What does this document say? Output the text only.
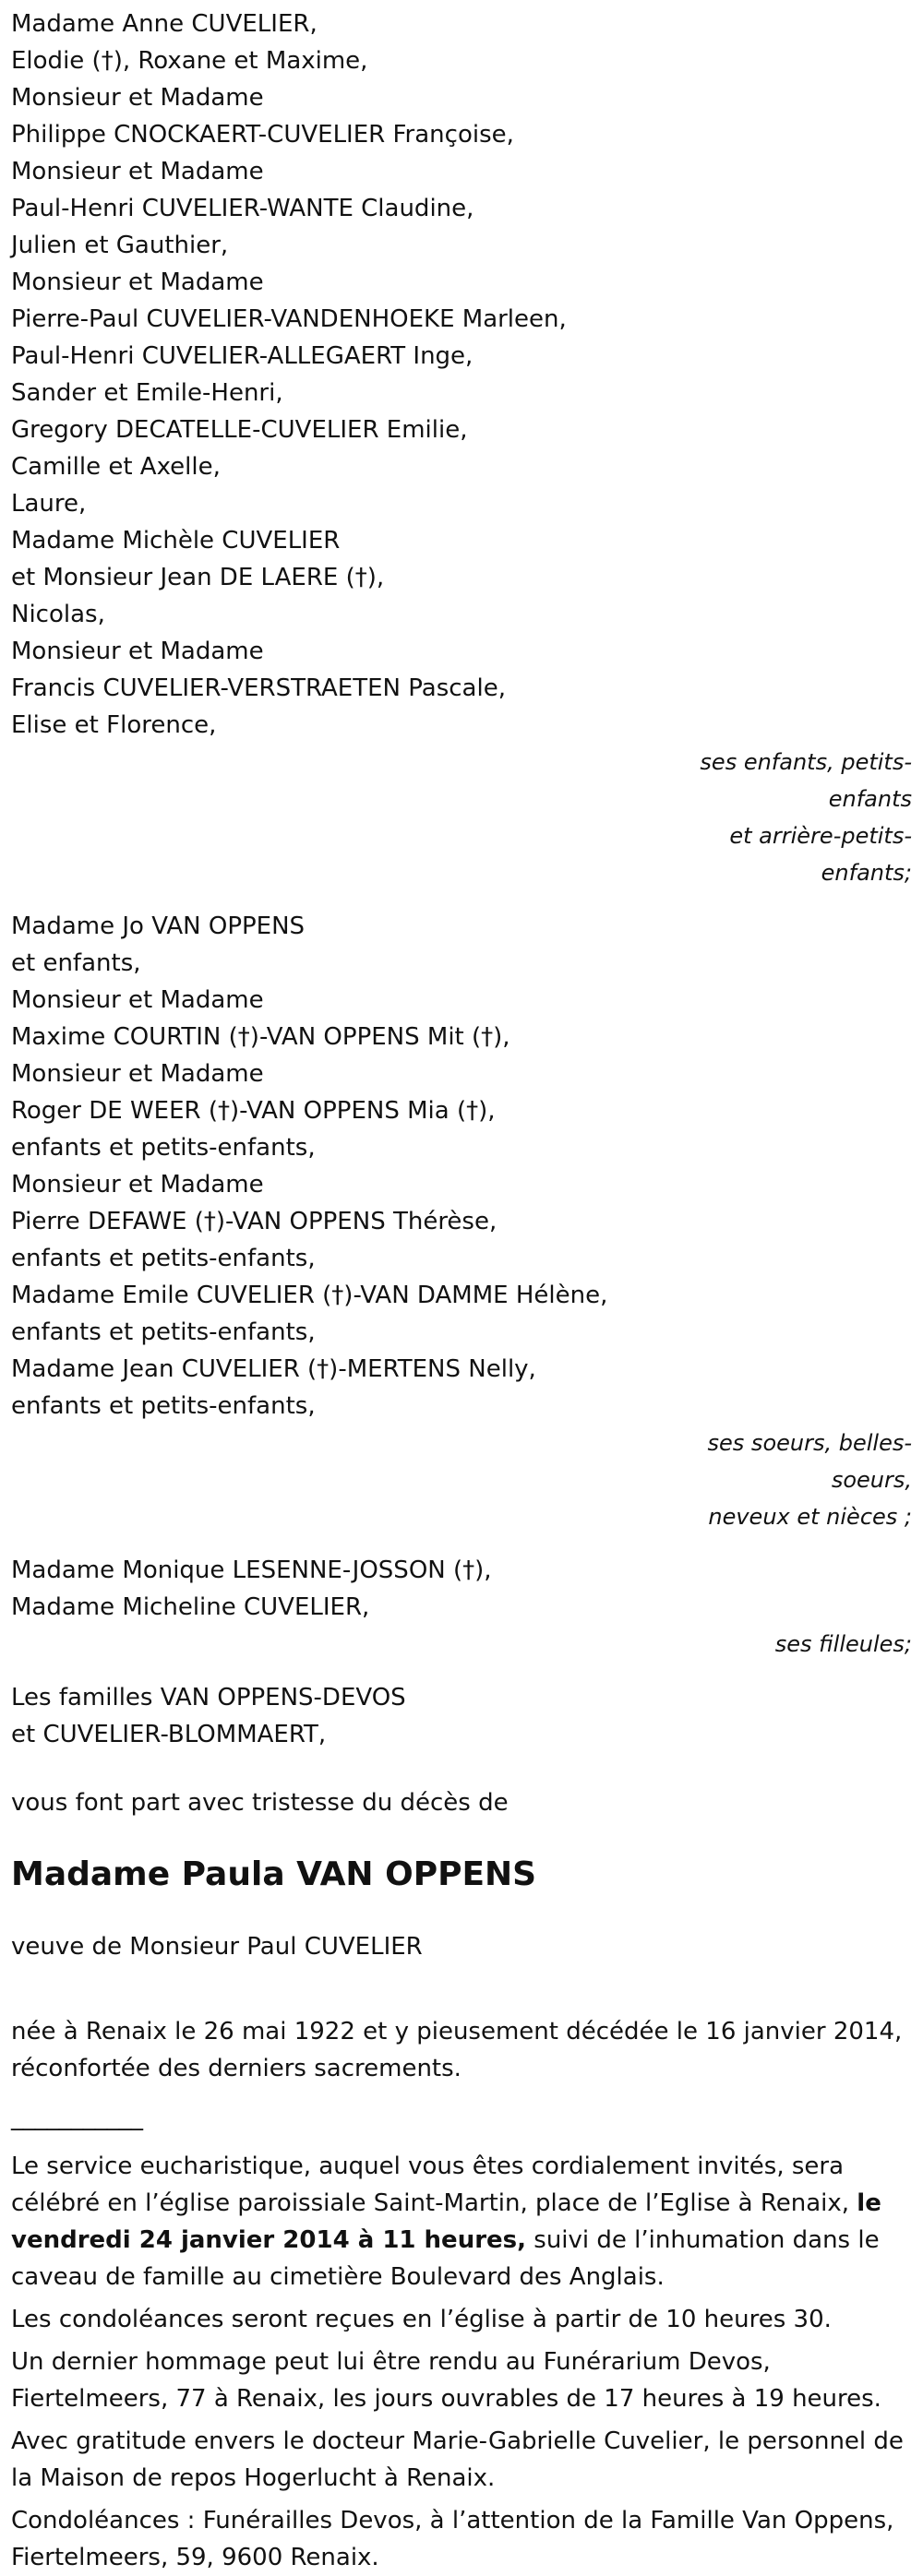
Madame Anne CUVELIER,
Elodie (†), Roxane et Maxime,
Monsieur et Madame
Philippe CNOCKAERT-CUVELIER Françoise,
Monsieur et Madame
Paul-Henri CUVELIER-WANTE Claudine,
Julien et Gauthier,
Monsieur et Madame
Pierre-Paul CUVELIER-VANDENHOEKE Marleen,
Paul-Henri CUVELIER-ALLEGAERT Inge,
Sander et Emile-Henri,
Gregory DECATELLE-CUVELIER Emilie,
Camille et Axelle,
Laure,
Madame Michèle CUVELIER
et Monsieur Jean DE LAERE (†),
Nicolas,
Monsieur et Madame
Francis CUVELIER-VERSTRAETEN Pascale,
Elise et Florence,
ses enfants, petits-
enfants
et arrière-petits-
enfants;
Madame Jo VAN OPPENS
et enfants,
Monsieur et Madame
Maxime COURTIN (†)-VAN OPPENS Mit (†),
Monsieur et Madame
Roger DE WEER (†)-VAN OPPENS Mia (†),
enfants et petits-enfants,
Monsieur et Madame
Pierre DEFAWE (†)-VAN OPPENS Thérèse,
enfants et petits-enfants,
Madame Emile CUVELIER (†)-VAN DAMME Hélène,
enfants et petits-enfants,
Madame Jean CUVELIER (†)-MERTENS Nelly,
enfants et petits-enfants,
ses soeurs, belles-
soeurs,
neveux et nièces ;
Madame Monique LESENNE-JOSSON (†),
Madame Micheline CUVELIER,
ses filleules;
Les familles VAN OPPENS-DEVOS
et CUVELIER-BLOMMAERT,

vous font part avec tristesse du décès de

Madame Paula VAN OPPENS

veuve de Monsieur Paul CUVELIER

née à Renaix le 26 mai 1922 et y pieusement décédée le 16 janvier 2014, réconfortée des derniers sacrements.

___________

Le service eucharistique, auquel vous êtes cordialement invités, sera célébré en l’église paroissiale Saint-Martin, place de l’Eglise à Renaix, le vendredi 24 janvier 2014 à 11 heures, suivi de l’inhumation dans le caveau de famille au cimetière Boulevard des Anglais.

Les condoléances seront reçues en l’église à partir de 10 heures 30.

Un dernier hommage peut lui être rendu au Funérarium Devos, Fiertelmeers, 77 à Renaix, les jours ouvrables de 17 heures à 19 heures.

Avec gratitude envers le docteur Marie-Gabrielle Cuvelier, le personnel de la Maison de repos Hogerlucht à Renaix.

Condoléances : Funérailles Devos, à l’attention de la Famille Van Oppens, Fiertelmeers, 59, 9600 Renaix.
